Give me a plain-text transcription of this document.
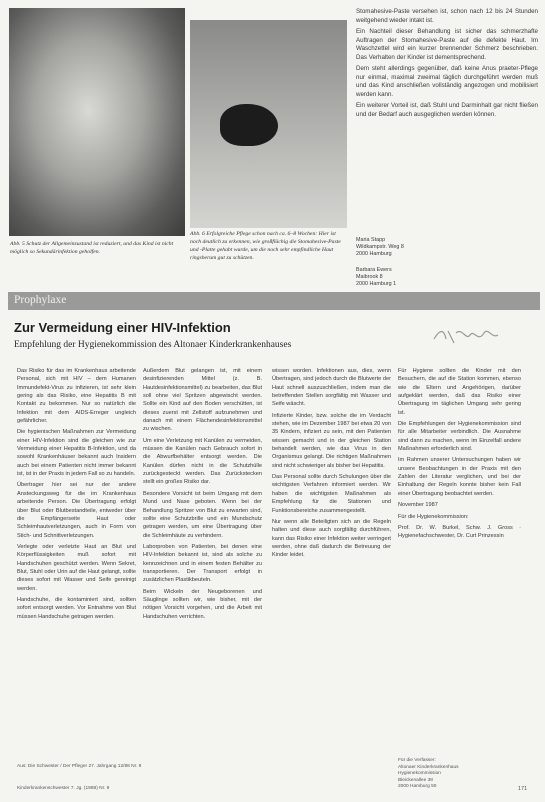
Abb. 5 Schutz der Allgemeinzustand ist reduziert, und das Kind ist nicht möglich so Sekundärinfektion geholfen.
Abb. 6 Erfolgreiche Pflege schon nach ca. 6–8 Wochen: Hier ist noch deutlich zu erkennen, wie großflächig die Stomahesive-Paste und -Platte gehabt wurde, um die noch sehr empfindliche Haut ringsherum gut zu schützen.

Stomahesive-Paste versehen ist, schon nach 12 bis 24 Stunden weitgehend wieder intakt ist.

Ein Nachteil dieser Behandlung ist sicher das schmerzhafte Auftragen der Stomahesive-Paste auf die defekte Haut. Im Waschzettel wird ein kurzer brennender Schmerz beschrieben. Das Verhalten der Kinder ist dementsprechend.

Dem steht allerdings gegenüber, daß keine Anus praeter-Pflege nur einmal, maximal zweimal täglich durchgeführt werden muß und das Kind anschließen vollständig angezogen und mobilisiert werden kann.

Ein weiterer Vorteil ist, daß Stuhl und Darminhalt gar nicht fließen und der Bedarf auch ausgeglichen werden können.

Maria Stapp
Wildkampstr. Weg 8
2000 Hamburg
Barbara Ewers
Maibrook 8
2000 Hamburg 1
Prophylaxe
Zur Vermeidung einer HIV-Infektion
Empfehlung der Hygienekommission des Altonaer Kinderkrankenhauses

Das Risiko für das im Krankenhaus arbeitende Personal, sich mit HIV – dem Humanen Immundefekt-Virus zu infizieren, ist sehr klein gering als das Risiko, eine Hepatitis B mit Kontakt zu bekommen. Nur so natürlich die Infektion mit dem AIDS-Erreger ungleich gefährlicher.

Die hygienischen Maßnahmen zur Vermeidung einer HIV-Infektion sind die gleichen wie zur Vermeidung einer Hepatitis B-Infektion, und da sowohl Krankenhäuser bekannt auch Insidern auch bei einem Patienten nicht immer bekannt ist, ist in der Praxis in jedem Fall so zu handeln.

Übertrager hier sei nur der andere Ansteckungsweg für die im Krankenhaus arbeitende Person. Die Übertragung erfolgt über Blut oder Blutbestandteile, entweder über die Empfängerseite Haut oder Schleimhautverletzungen, auch in Form von Stich- und Schnittverletzungen.

Verlegte oder verletzte Haut an Blut und Körperflüssigkeiten muß sofort mit Handschuhen geschützt werden. Wenn Sekret, Blut, Stuhl oder Urin auf die Haut gelangt, sollte dieses sofort mit Wasser und Seife gereinigt werden.

Handschuhe, die kontaminiert sind, sollten sofort entsorgt werden. Vor Entnahme von Blut müssen Handschuhe getragen werden.

Außerdem Blut gelangen ist, mit einem desinfizierenden Mittel (z. B. Hautdesinfektionsmittel) zu bearbeiten, das Blut soll ohne viel Spritzen abgewischt werden. Sollte ein Kind auf den Boden verschütten, ist dieses zuerst mit Zellstoff aufzunehmen und danach mit einem Flächendesinfektionsmittel zu wischen.

Um eine Verletzung mit Kanülen zu vermeiden, müssen die Kanülen nach Gebrauch sofort in die Abwurfbehälter entsorgt werden. Die Kanülen dürfen nicht in die Schutzhülle zurückgesteckt werden. Das Zurückstecken stellt ein großes Risiko dar.

Besondere Vorsicht ist beim Umgang mit dem Mund und Nase geboten. Wenn bei der Behandlung Spritzer von Blut zu erwarten sind, sollte eine Schutzbrille und ein Mundschutz getragen werden, um eine Übertragung über die Schleimhäute zu verhindern.

Laborproben von Patienten, bei denen eine HIV-Infektion bekannt ist, sind als solche zu kennzeichnen und in einem festen Behälter zu transportieren. Der Transport erfolgt in zusätzlichen Plastikbeuteln.

Beim Wickeln der Neugeborenen und Säuglinge sollten wir, wie bisher, mit der nötigen Vorsicht vorgehen, und die Arbeit mit Handschuhen verrichten.

wissen worden. Infektionen aus, dies, wenn Übertragen, sind jedoch durch die Blutwerte der Haut schnell auszuschließen, indem man die betreffenden Stellen sorgfältig mit Wasser und Seife wäscht.

Infizierte Kinder, bzw. solche die im Verdacht stehen, wie im Dezember 1987 bei etwa 20 von 35 Kindern, infiziert zu sein, mit den Patienten wissen gemacht und in der gleichen Station behandelt werden, wie das Virus in den Organismus gelangt. Die richtigen Maßnahmen sind nicht schwieriger als bisher bei Hepatitis.

Das Personal sollte durch Schulungen über die wichtigsten Verfahren informiert werden. Wir haben die wichtigsten Maßnahmen als Empfehlung für die Stationen und Funktionsbereiche zusammengestellt.

Nur wenn alle Beteiligten sich an die Regeln halten und diese auch sorgfältig durchführen, kann das Risiko einer Infektion weiter verringert werden, ohne daß dadurch die Betreuung der Kinder leidet.

Für Hygiene sollten die Kinder mit den Besuchern, die auf die Station kommen, ebenso wie die Eltern und Angehörigen, darüber aufgeklärt werden, daß das Risiko einer Übertragung im täglichen Umgang sehr gering ist.

Die Empfehlungen der Hygienekommission sind für alle Mitarbeiter verbindlich. Die Ausnahme sind dann zu machen, wenn im Einzelfall andere Maßnahmen erforderlich sind.

Im Rahmen unserer Untersuchungen haben wir unsere Beobachtungen in der Praxis mit den Zahlen der Literatur verglichen, und bei der Einhaltung der Regeln konnte bisher kein Fall einer Übertragung beobachtet werden.

November 1987

Für die Hygienekommission:

Prof. Dr. W. Burkel, Schw. J. Gross · Hygienefachschwester, Dr. Curt Prinzessin

Aus: Die Schwester / Der Pfleger 27. Jahrgang 12/88 Nr. 9
Kinderkrankenschwester 7. Jg. (1988) Nr. 9
Für die Verfasser:
Altonaer Kinderkrankenhaus
Hygienekommission
Bleickenallee 38
2000 Hamburg 50	171
